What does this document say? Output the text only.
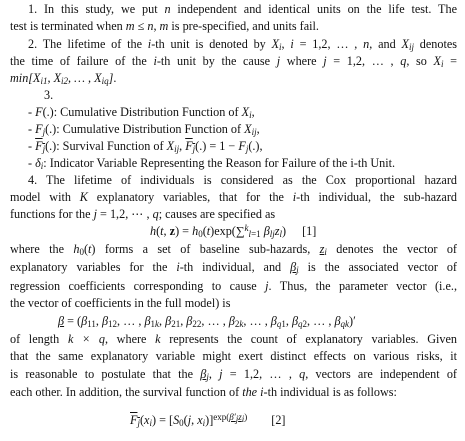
1. In this study, we put n independent and identical units on the life test. The
test is terminated when m ≤ n, m is pre-specified, and units fail.
2. The lifetime of the i-th unit is denoted by $X_i$, i = 1,2, … , n, and $X_{ij}$ denotes
the time of failure of the i-th unit by the cause j where j = 1,2, … , q, so $X_i$ =
$\min[X_{i1}$, $X_{i2}$, … , $X_{iq}$].
3.
- F(.): Cumulative Distribution Function of $X_i$,
- $F_j(.)$: Cumulative Distribution Function of $X_{ij}$,
- $F_j(.)$: Survival Function of $X_{ij}$, $F_j(.) = 1 - F_j(.)$,
- $\delta_i$: Indicator Variable Representing the Reason for Failure of the i-th Unit.
4. The lifetime of individuals is considered as the Cox proportional hazard
model with K explanatory variables, that for the i-th individual, the sub-hazard
functions for the j = 1,2, ⋯ , q; causes are specified as
h(t, $z) = h_0(t)\exp(\sum^k_{l=1}$ $\beta_{lj}z_l$) [1]
where the $h_0(t)$ forms a set of baseline sub-hazards, $z_i$ denotes the vector of
explanatory variables for the i-th individual, and $\beta_j$ is the associated vector of
regression coefficients corresponding to cause j. Thus, the parameter vector (i.e.,
the vector of coefficients in the full model) is
$\beta = (\beta_{11}$, $\beta_{12}$, … , $\beta_{1k}$, $\beta_{21}$, $\beta_{22}$, … , $\beta_{2k}$, … , $\beta_{q1}$, $\beta_{q2}$, … , $\beta_{qk})'$
of length k × q, where k represents the count of explanatory variables. Given
that the same explanatory variable might exert distinct effects on various risks, it
is reasonable to postulate that the $\beta_j$, j = 1,2, … , q, vectors are independent of
each other. In addition, the survival function of the i-th individual is as follows:
$F_j(x_i) = [S_0(j$, $x_i)]^{exp(\beta'_jz_i)}$ [2]
